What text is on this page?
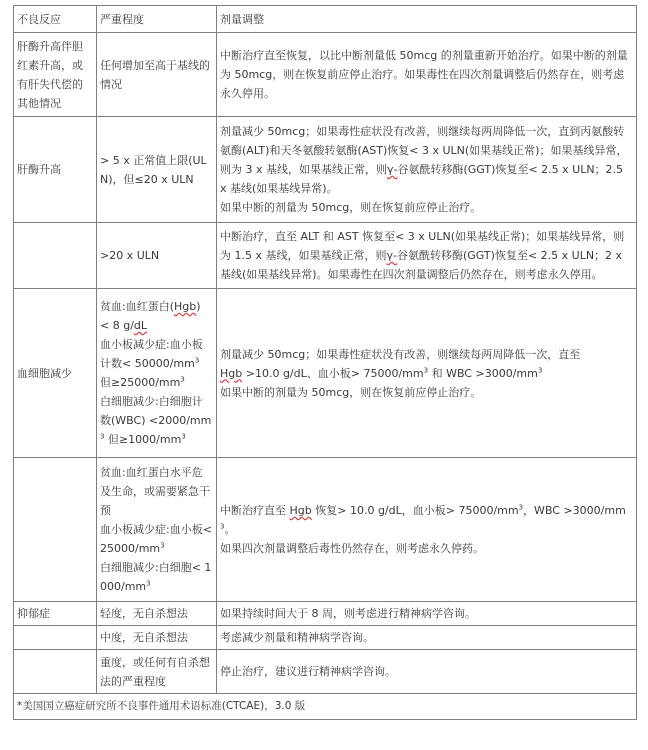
不良反应	严重程度	剂量调整
肝酶升高伴胆红素升高，或有肝失代偿的其他情况	任何增加至高于基线的情况	中断治疗直至恢复，以比中断剂量低 50mcg 的剂量重新开始治疗。如果中断的剂量为 50mcg，则在恢复前应停止治疗。如果毒性在四次剂量调整后仍然存在，则考虑永久停用。
肝酶升高	> 5 x 正常值上限(ULN)，但≤20 x ULN	剂量减少 50mcg；如果毒性症状没有改善，则继续每两周降低一次，直到丙氨酸转氨酶(ALT)和天冬氨酸转氨酶(AST)恢复< 3 x ULN(如果基线正常)；如果基线异常，则为 3 x 基线，如果基线正常，则γ-谷氨酰转移酶(GGT)恢复至< 2.5 x ULN；2.5 x 基线(如果基线异常)。
如果中断的剂量为 50mcg，则在恢复前应停止治疗。

	>20 x ULN	中断治疗，直至 ALT 和 AST 恢复至< 3 x ULN(如果基线正常)；如果基线异常，则为 1.5 x 基线，如果基线正常，则γ-谷氨酰转移酶(GGT)恢复至< 2.5 x ULN；2 x 基线(如果基线异常)。如果毒性在四次剂量调整后仍然存在，则考虑永久停用。
血细胞减少	贫血:血红蛋白(Hgb) < 8 g/dL
血小板减少症:血小板计数< $50000/mm^3$ 但$\ge 25000/mm^3$
白细胞减少:白细胞计数$(WBC) <2000/mm^3$ 但$\ge 1000/mm^3$	剂量减少 50mcg；如果毒性症状没有改善，则继续每两周降低一次，直至
Hgb >10.0 g/dL、血小板> $75000/mm^3$ 和 WBC $>3000/mm^3$
如果中断的剂量为 50mcg，则在恢复前应停止治疗。

	贫血:血红蛋白水平危及生命，或需要紧急干预
血小板减少症:血小板< $25000/mm^3$
白细胞减少:白细胞< $1000/mm^3$	中断治疗直至 Hgb 恢复> 10.0 g/dL，血小板> $75000/mm^3$，WBC $>3000/mm^3$。
如果四次剂量调整后毒性仍然存在，则考虑永久停药。

抑郁症	轻度，无自杀想法	如果持续时间大于 8 周，则考虑进行精神病学咨询。
	中度，无自杀想法	考虑减少剂量和精神病学咨询。
	重度，或任何有自杀想法的严重程度	停止治疗，建议进行精神病学咨询。
*美国国立癌症研究所不良事件通用术语标准(CTCAE)，3.0 版		
